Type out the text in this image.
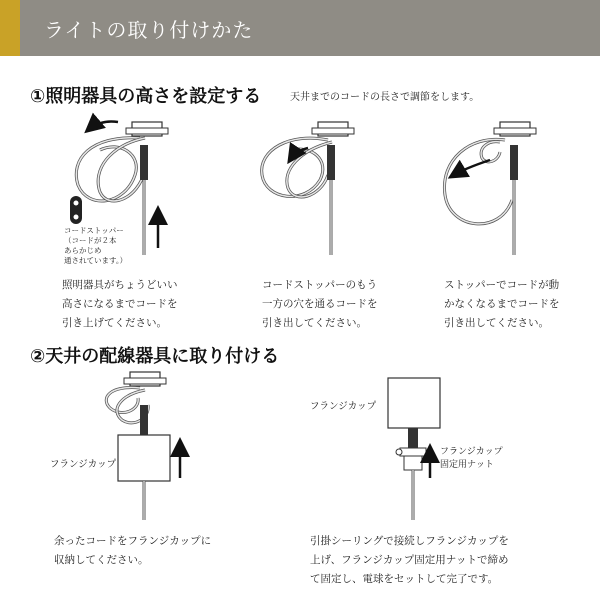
ライトの取り付けかた
①照明器具の高さを設定する	天井までのコードの長さで調節をします。
コードストッパー
（コードが２本
あらかじめ
通されています。）
照明器具がちょうどいい
高さになるまでコードを
引き上げてください。
コードストッパーのもう
一方の穴を通るコードを
引き出してください。
ストッパーでコードが動
かなくなるまでコードを
引き出してください。
②天井の配線器具に取り付ける
フランジカップ
フランジカップ
フランジカップ
固定用ナット
余ったコードをフランジカップに
収納してください。
引掛シーリングで接続しフランジカップを
上げ、フランジカップ固定用ナットで締め
て固定し、電球をセットして完了です。
